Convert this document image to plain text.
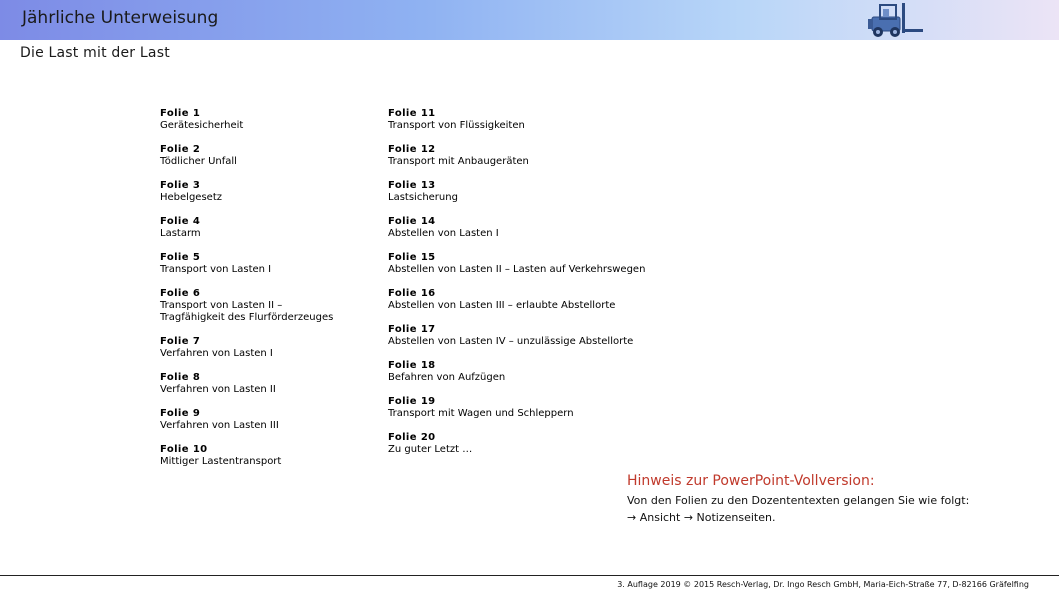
Jährliche Unterweisung
Die Last mit der Last
Folie 1
Gerätesicherheit
Folie 2
Tödlicher Unfall
Folie 3
Hebelgesetz
Folie 4
Lastarm
Folie 5
Transport von Lasten I
Folie 6
Transport von Lasten II –
Tragfähigkeit des Flurförderzeuges
Folie 7
Verfahren von Lasten I
Folie 8
Verfahren von Lasten II
Folie 9
Verfahren von Lasten III
Folie 10
Mittiger Lastentransport
Folie 11
Transport von Flüssigkeiten
Folie 12
Transport mit Anbaugeräten
Folie 13
Lastsicherung
Folie 14
Abstellen von Lasten I
Folie 15
Abstellen von Lasten II – Lasten auf Verkehrswegen
Folie 16
Abstellen von Lasten III – erlaubte Abstellorte
Folie 17
Abstellen von Lasten IV – unzulässige Abstellorte
Folie 18
Befahren von Aufzügen
Folie 19
Transport mit Wagen und Schleppern
Folie 20
Zu guter Letzt …
Hinweis zur PowerPoint-Vollversion:
Von den Folien zu den Dozententexten gelangen Sie wie folgt:
→ Ansicht → Notizenseiten.
3. Auflage 2019 © 2015 Resch-Verlag, Dr. Ingo Resch GmbH, Maria-Eich-Straße 77, D-82166 Gräfelfing
